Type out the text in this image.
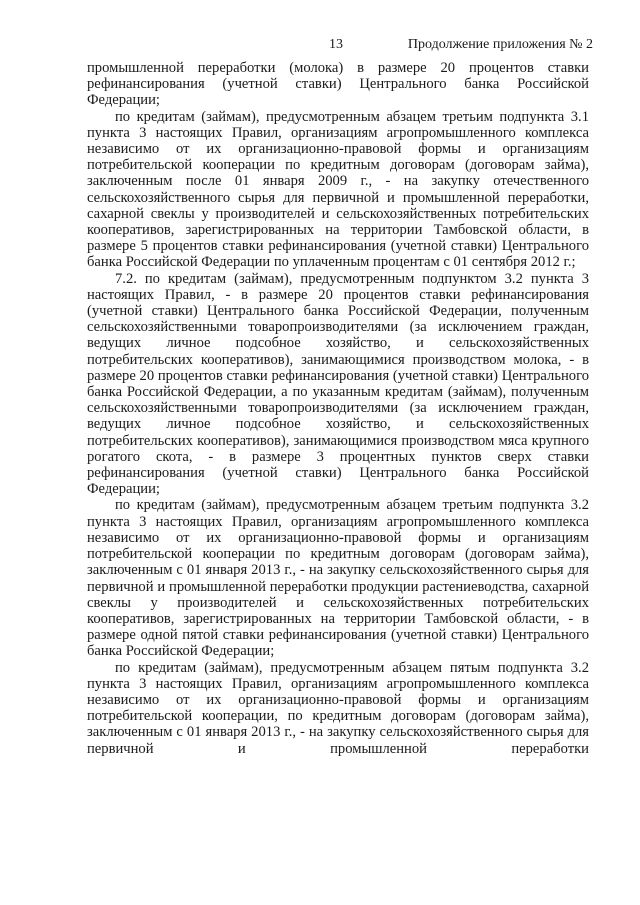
13	Продолжение приложения № 2

промышленной переработки (молока) в размере 20 процентов ставки рефинансирования (учетной ставки) Центрального банка Российской Федерации;

по кредитам (займам), предусмотренным абзацем третьим подпункта 3.1 пункта 3 настоящих Правил, организациям агропромышленного комплекса независимо от их организационно-правовой формы и организациям потребительской кооперации по кредитным договорам (договорам займа), заключенным после 01 января 2009 г., - на закупку отечественного сельскохозяйственного сырья для первичной и промышленной переработки, сахарной свеклы у производителей и сельскохозяйственных потребительских кооперативов, зарегистрированных на территории Тамбовской области, в размере 5 процентов ставки рефинансирования (учетной ставки) Центрального банка Российской Федерации по уплаченным процентам с 01 сентября 2012 г.;

7.2. по кредитам (займам), предусмотренным подпунктом 3.2 пункта 3 настоящих Правил, - в размере 20 процентов ставки рефинансирования (учетной ставки) Центрального банка Российской Федерации, полученным сельскохозяйственными товаропроизводителями (за исключением граждан, ведущих личное подсобное хозяйство, и сельскохозяйственных потребительских кооперативов), занимающимися производством молока, - в размере 20 процентов ставки рефинансирования (учетной ставки) Центрального банка Российской Федерации, а по указанным кредитам (займам), полученным сельскохозяйственными товаропроизводителями (за исключением граждан, ведущих личное подсобное хозяйство, и сельскохозяйственных потребительских кооперативов), занимающимися производством мяса крупного рогатого скота, - в размере 3 процентных пунктов сверх ставки рефинансирования (учетной ставки) Центрального банка Российской Федерации;

по кредитам (займам), предусмотренным абзацем третьим подпункта 3.2 пункта 3 настоящих Правил, организациям агропромышленного комплекса независимо от их организационно-правовой формы и организациям потребительской кооперации по кредитным договорам (договорам займа), заключенным с 01 января 2013 г., - на закупку сельскохозяйственного сырья для первичной и промышленной переработки продукции растениеводства, сахарной свеклы у производителей и сельскохозяйственных потребительских кооперативов, зарегистрированных на территории Тамбовской области, - в размере одной пятой ставки рефинансирования (учетной ставки) Центрального банка Российской Федерации;

по кредитам (займам), предусмотренным абзацем пятым подпункта 3.2 пункта 3 настоящих Правил, организациям агропромышленного комплекса независимо от их организационно-правовой формы и организациям потребительской кооперации, по кредитным договорам (договорам займа), заключенным с 01 января 2013 г., - на закупку сельскохозяйственного сырья для первичной и промышленной переработки
